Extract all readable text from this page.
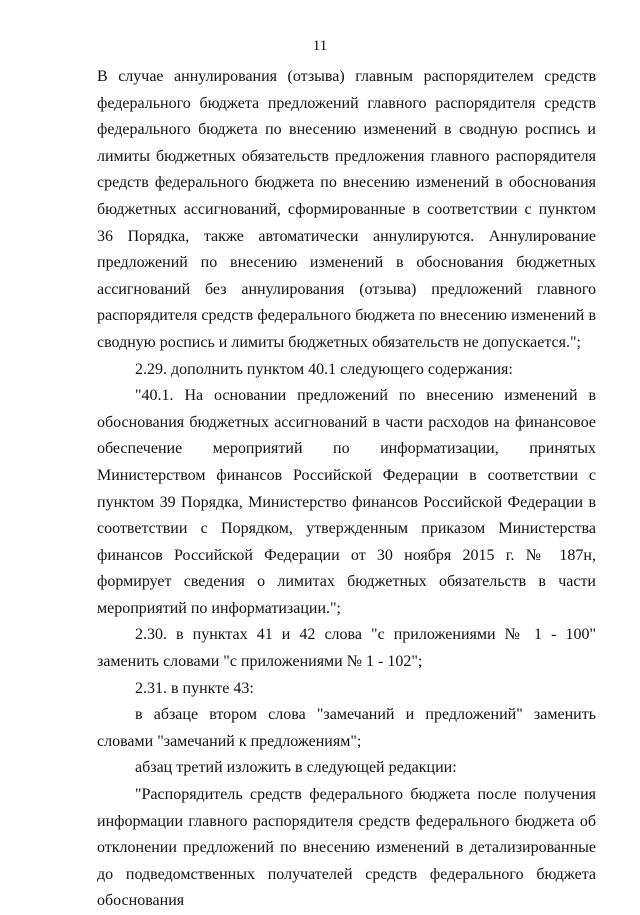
11

В случае аннулирования (отзыва) главным распорядителем средств федерального бюджета предложений главного распорядителя средств федерального бюджета по внесению изменений в сводную роспись и лимиты бюджетных обязательств предложения главного распорядителя средств федерального бюджета по внесению изменений в обоснования бюджетных ассигнований, сформированные в соответствии с пунктом 36 Порядка, также автоматически аннулируются. Аннулирование предложений по внесению изменений в обоснования бюджетных ассигнований без аннулирования (отзыва) предложений главного распорядителя средств федерального бюджета по внесению изменений в сводную роспись и лимиты бюджетных обязательств не допускается.";

2.29. дополнить пунктом 40.1 следующего содержания:

"40.1. На основании предложений по внесению изменений в обоснования бюджетных ассигнований в части расходов на финансовое обеспечение мероприятий по информатизации, принятых Министерством финансов Российской Федерации в соответствии с пунктом 39 Порядка, Министерство финансов Российской Федерации в соответствии с Порядком, утвержденным приказом Министерства финансов Российской Федерации от 30 ноября 2015 г. № 187н, формирует сведения о лимитах бюджетных обязательств в части мероприятий по информатизации.";

2.30. в пунктах 41 и 42 слова "с приложениями № 1 - 100" заменить словами "с приложениями № 1 - 102";

2.31. в пункте 43:

в абзаце втором слова "замечаний и предложений" заменить словами "замечаний к предложениям";

абзац третий изложить в следующей редакции:

"Распорядитель средств федерального бюджета после получения информации главного распорядителя средств федерального бюджета об отклонении предложений по внесению изменений в детализированные до подведомственных получателей средств федерального бюджета обоснования
